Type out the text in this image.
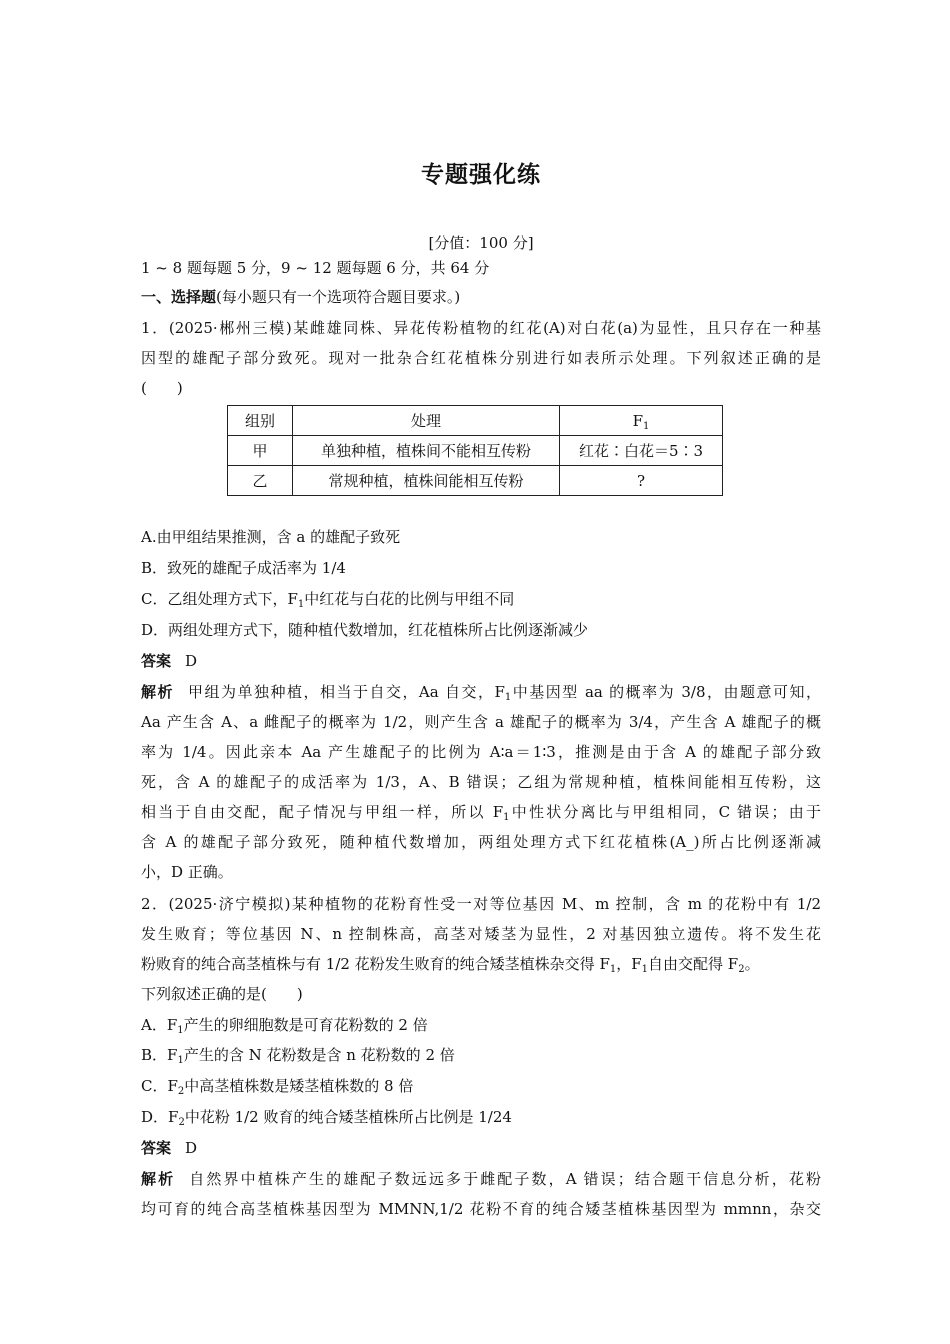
专题强化练
[分值：100 分]
1 ~ 8 题每题 5 分，9 ~ 12 题每题 6 分，共 64 分
一、选择题(每小题只有一个选项符合题目要求。)
1．(2025·郴州三模)某雌雄同株、异花传粉植物的红花(A)对白花(a)为显性，且只存在一种基
因型的雄配子部分致死。现对一批杂合红花植株分别进行如表所示处理。下列叙述正确的是
(　　)
组别	处理	$F_1$
甲	单独种植，植株间不能相互传粉	红花∶白花＝5∶3
乙	常规种植，植株间能相互传粉	?
A.由甲组结果推测，含 a 的雄配子致死
B．致死的雄配子成活率为 1/4
C．乙组处理方式下，$F_1$中红花与白花的比例与甲组不同
D．两组处理方式下，随种植代数增加，红花植株所占比例逐渐减少
答案 D
解析 甲组为单独种植，相当于自交，Aa 自交，$F_1$中基因型 aa 的概率为 3/8，由题意可知，
Aa 产生含 A、a 雌配子的概率为 1/2，则产生含 a 雄配子的概率为 3/4，产生含 A 雄配子的概
率为 1/4。因此亲本 Aa 产生雄配子的比例为 A∶a＝1∶3，推测是由于含 A 的雄配子部分致
死，含 A 的雄配子的成活率为 1/3，A、B 错误；乙组为常规种植，植株间能相互传粉，这
相当于自由交配，配子情况与甲组一样，所以 $F_1$中性状分离比与甲组相同，C 错误；由于
含 A 的雄配子部分致死，随种植代数增加，两组处理方式下红花植株(A_)所占比例逐渐减
小，D 正确。
2．(2025·济宁模拟)某种植物的花粉育性受一对等位基因 M、m 控制，含 m 的花粉中有 1/2
发生败育；等位基因 N、n 控制株高，高茎对矮茎为显性，2 对基因独立遗传。将不发生花
粉败育的纯合高茎植株与有 1/2 花粉发生败育的纯合矮茎植株杂交得 $F_1$，$F_1$自由交配得 $F_2$。
下列叙述正确的是(　　)
A．$F_1$产生的卵细胞数是可育花粉数的 2 倍
B．$F_1$产生的含 N 花粉数是含 n 花粉数的 2 倍
C．$F_2$中高茎植株数是矮茎植株数的 8 倍
D．$F_2$中花粉 1/2 败育的纯合矮茎植株所占比例是 1/24
答案 D
解析 自然界中植株产生的雄配子数远远多于雌配子数，A 错误；结合题干信息分析，花粉
均可育的纯合高茎植株基因型为 MMNN,1/2 花粉不育的纯合矮茎植株基因型为 mmnn，杂交
